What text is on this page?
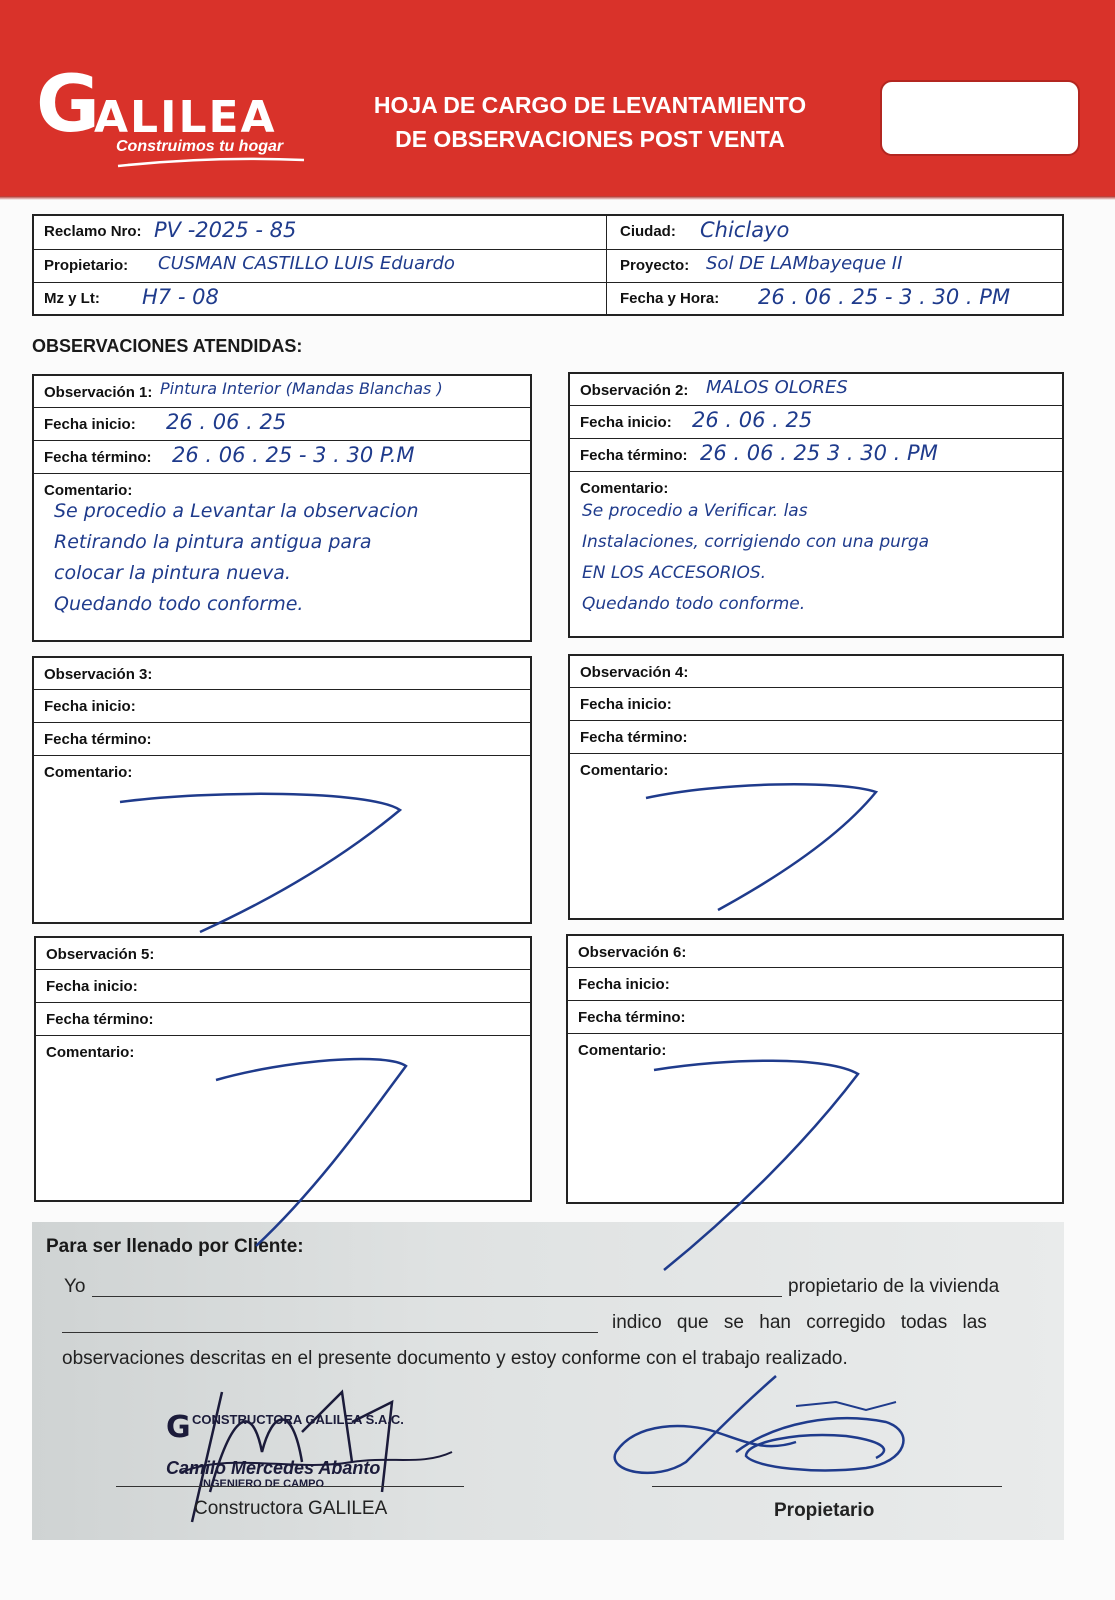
G
ALILEA
Construimos tu hogar
HOJA DE CARGO DE LEVANTAMIENTO
DE OBSERVACIONES POST VENTA
Reclamo Nro: PV -2025 - 85	Ciudad: Chiclayo
Propietario: CUSMAN CASTILLO LUIS Eduardo	Proyecto: Sol DE LAMbayeque II
Mz y Lt: H7 - 08	Fecha y Hora: 26 . 06 . 25 - 3 . 30 . PM
OBSERVACIONES ATENDIDAS:
Observación 1: Pintura Interior (Mandas Blanchas )
Fecha inicio: 26 . 06 . 25
Fecha término: 26 . 06 . 25 - 3 . 30 P.M
Comentario:
Se procedio a Levantar la observacion
Retirando la pintura antigua para
colocar la pintura nueva.
Quedando todo conforme.
Observación 2: MALOS OLORES
Fecha inicio: 26 . 06 . 25
Fecha término: 26 . 06 . 25 3 . 30 . PM
Comentario:
Se procedio a Verificar. las
Instalaciones, corrigiendo con una purga
EN LOS ACCESORIOS.
Quedando todo conforme.
Observación 3:
Fecha inicio:
Fecha término:
Comentario:
Observación 4:
Fecha inicio:
Fecha término:
Comentario:
Observación 5:
Fecha inicio:
Fecha término:
Comentario:
Observación 6:
Fecha inicio:
Fecha término:
Comentario:
Para ser llenado por Cliente:
Yo	propietario de la vivienda
indico que se han corregido todas las
observaciones descritas en el presente documento y estoy conforme con el trabajo realizado.
G CONSTRUCTORA GALILEA S.A.C.
Camilo Mercedes Abanto
INGENIERO DE CAMPO
Constructora GALILEA	Propietario
